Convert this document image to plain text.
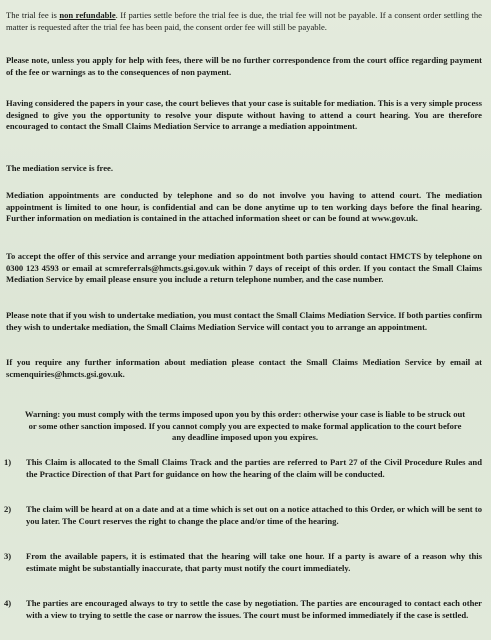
The trial fee is non refundable. If parties settle before the trial fee is due, the trial fee will not be payable. If a consent order settling the matter is requested after the trial fee has been paid, the consent order fee will still be payable.

Please note, unless you apply for help with fees, there will be no further correspondence from the court office regarding payment of the fee or warnings as to the consequences of non payment.

Having considered the papers in your case, the court believes that your case is suitable for mediation. This is a very simple process designed to give you the opportunity to resolve your dispute without having to attend a court hearing. You are therefore encouraged to contact the Small Claims Mediation Service to arrange a mediation appointment.

The mediation service is free.

Mediation appointments are conducted by telephone and so do not involve you having to attend court. The mediation appointment is limited to one hour, is confidential and can be done anytime up to ten working days before the final hearing. Further information on mediation is contained in the attached information sheet or can be found at www.gov.uk.

To accept the offer of this service and arrange your mediation appointment both parties should contact HMCTS by telephone on 0300 123 4593 or email at scmreferrals@hmcts.gsi.gov.uk within 7 days of receipt of this order. If you contact the Small Claims Mediation Service by email please ensure you include a return telephone number, and the case number.

Please note that if you wish to undertake mediation, you must contact the Small Claims Mediation Service. If both parties confirm they wish to undertake mediation, the Small Claims Mediation Service will contact you to arrange an appointment.

If you require any further information about mediation please contact the Small Claims Mediation Service by email at scmenquiries@hmcts.gsi.gov.uk.

Warning: you must comply with the terms imposed upon you by this order: otherwise your case is liable to be struck out or some other sanction imposed. If you cannot comply you are expected to make formal application to the court before any deadline imposed upon you expires.

1)	This Claim is allocated to the Small Claims Track and the parties are referred to Part 27 of the Civil Procedure Rules and the Practice Direction of that Part for guidance on how the hearing of the claim will be conducted.
2)	The claim will be heard at on a date and at a time which is set out on a notice attached to this Order, or which will be sent to you later. The Court reserves the right to change the place and/or time of the hearing.
3)	From the available papers, it is estimated that the hearing will take one hour. If a party is aware of a reason why this estimate might be substantially inaccurate, that party must notify the court immediately.
4)	The parties are encouraged always to try to settle the case by negotiation. The parties are encouraged to contact each other with a view to trying to settle the case or narrow the issues. The court must be informed immediately if the case is settled.
